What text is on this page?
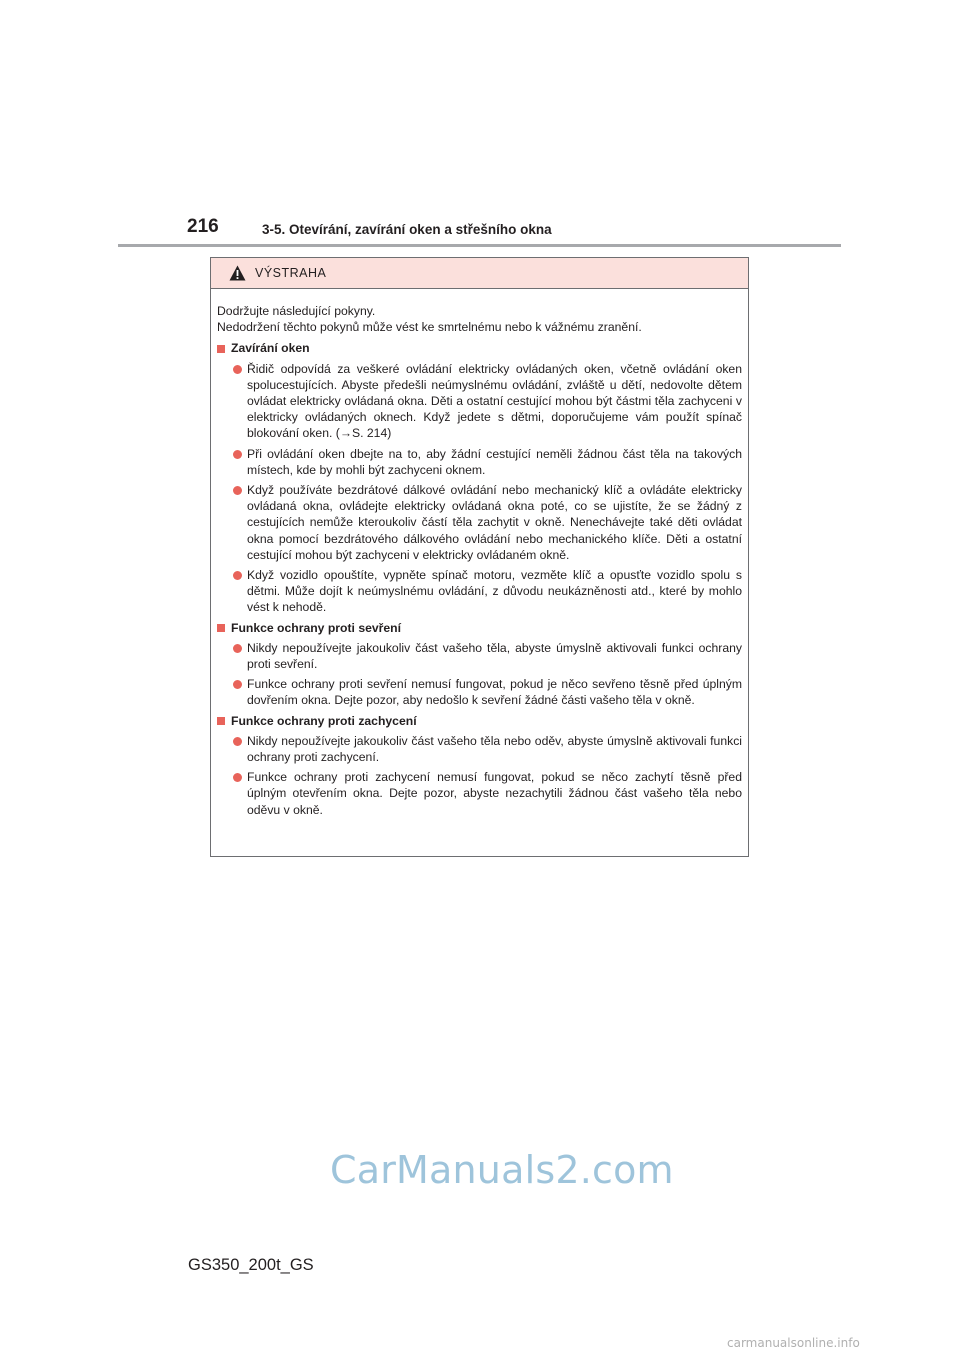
216	3-5. Otevírání, zavírání oken a střešního okna
VÝSTRAHA

Dodržujte následující pokyny.
Nedodržení těchto pokynů může vést ke smrtelnému nebo k vážnému zranění.

Zavírání oken
Řidič odpovídá za veškeré ovládání elektricky ovládaných oken, včetně ovládání oken spolucestujících. Abyste předešli neúmyslnému ovládání, zvláště u dětí, nedovolte dětem ovládat elektricky ovládaná okna. Děti a ostatní cestující mohou být částmi těla zachyceni v elektricky ovládaných oknech. Když jedete s dětmi, doporučujeme vám použít spínač blokování oken. (→S. 214)
Při ovládání oken dbejte na to, aby žádní cestující neměli žádnou část těla na takových místech, kde by mohli být zachyceni oknem.
Když používáte bezdrátové dálkové ovládání nebo mechanický klíč a ovládáte elektricky ovládaná okna, ovládejte elektricky ovládaná okna poté, co se ujistíte, že se žádný z cestujících nemůže kteroukoliv částí těla zachytit v okně. Nenechávejte také děti ovládat okna pomocí bezdrátového dálkového ovládání nebo mechanického klíče. Děti a ostatní cestující mohou být zachyceni v elektricky ovládaném okně.
Když vozidlo opouštíte, vypněte spínač motoru, vezměte klíč a opusťte vozidlo spolu s dětmi. Může dojít k neúmyslnému ovládání, z důvodu neukázněnosti atd., které by mohlo vést k nehodě.
Funkce ochrany proti sevření
Nikdy nepoužívejte jakoukoliv část vašeho těla, abyste úmyslně aktivovali funkci ochrany proti sevření.
Funkce ochrany proti sevření nemusí fungovat, pokud je něco sevřeno těsně před úplným dovřením okna. Dejte pozor, aby nedošlo k sevření žádné části vašeho těla v okně.
Funkce ochrany proti zachycení
Nikdy nepoužívejte jakoukoliv část vašeho těla nebo oděv, abyste úmyslně aktivovali funkci ochrany proti zachycení.
Funkce ochrany proti zachycení nemusí fungovat, pokud se něco zachytí těsně před úplným otevřením okna. Dejte pozor, abyste nezachytili žádnou část vašeho těla nebo oděvu v okně.
CarManuals2.com
GS350_200t_GS
carmanualsonline.info
